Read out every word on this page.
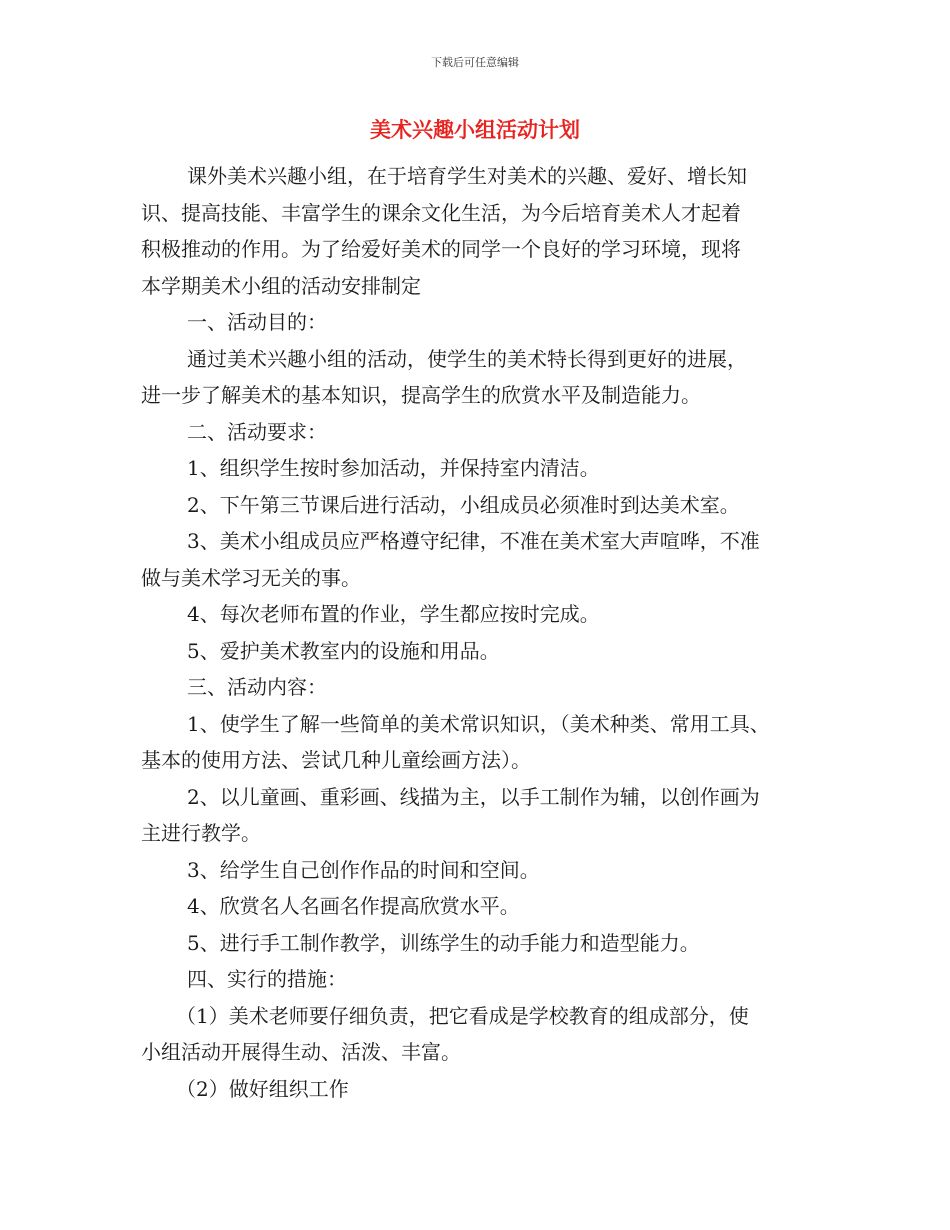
下载后可任意编辑
美术兴趣小组活动计划

课外美术兴趣小组，在于培育学生对美术的兴趣、爱好、增长知
识、提高技能、丰富学生的课余文化生活，为今后培育美术人才起着
积极推动的作用。为了给爱好美术的同学一个良好的学习环境，现将
本学期美术小组的活动安排制定

一、活动目的：

通过美术兴趣小组的活动，使学生的美术特长得到更好的进展，
进一步了解美术的基本知识，提高学生的欣赏水平及制造能力。

二、活动要求：
1、组织学生按时参加活动，并保持室内清洁。
2、下午第三节课后进行活动，小组成员必须准时到达美术室。
3、美术小组成员应严格遵守纪律，不准在美术室大声喧哗，不准
做与美术学习无关的事。
4、每次老师布置的作业，学生都应按时完成。
5、爱护美术教室内的设施和用品。
三、活动内容：
1、使学生了解一些简单的美术常识知识，（美术种类、常用工具、
基本的使用方法、尝试几种儿童绘画方法）。
2、以儿童画、重彩画、线描为主，以手工制作为辅，以创作画为
主进行教学。
3、给学生自己创作作品的时间和空间。
4、欣赏名人名画名作提高欣赏水平。
5、进行手工制作教学，训练学生的动手能力和造型能力。
四、实行的措施：
（1）美术老师要仔细负责，把它看成是学校教育的组成部分，使
小组活动开展得生动、活泼、丰富。
（2）做好组织工作
